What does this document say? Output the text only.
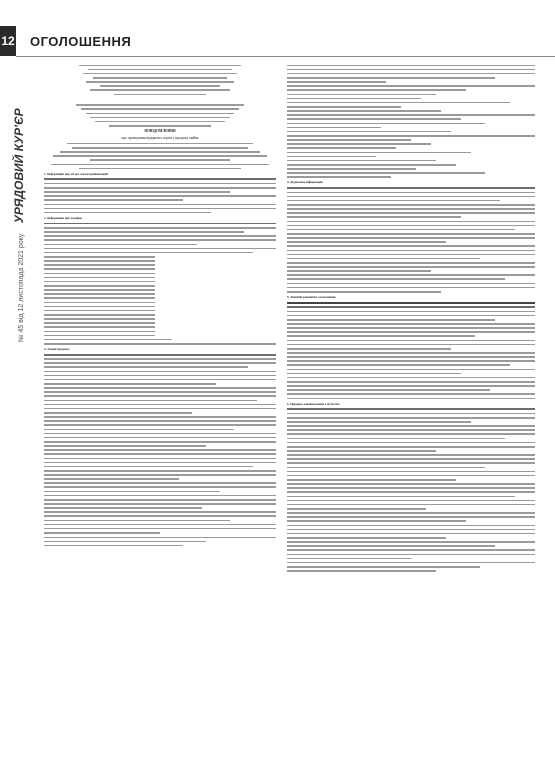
12 ОГОЛОШЕННЯ
№ 45 від 12 листопада 2021 року УРЯДОВИЙ КУР'ЄР	ПОВІДОМЛЕННЯ
про проведення відкритих торгів з продажу майна
1. Інформація про об'єкт малої приватизації
2. Інформація про аукціон
3. Умови продажу
4. Додаткова інформація
5. Технічні реквізити оголошення
6. Порядок ознайомлення з об'єктом
